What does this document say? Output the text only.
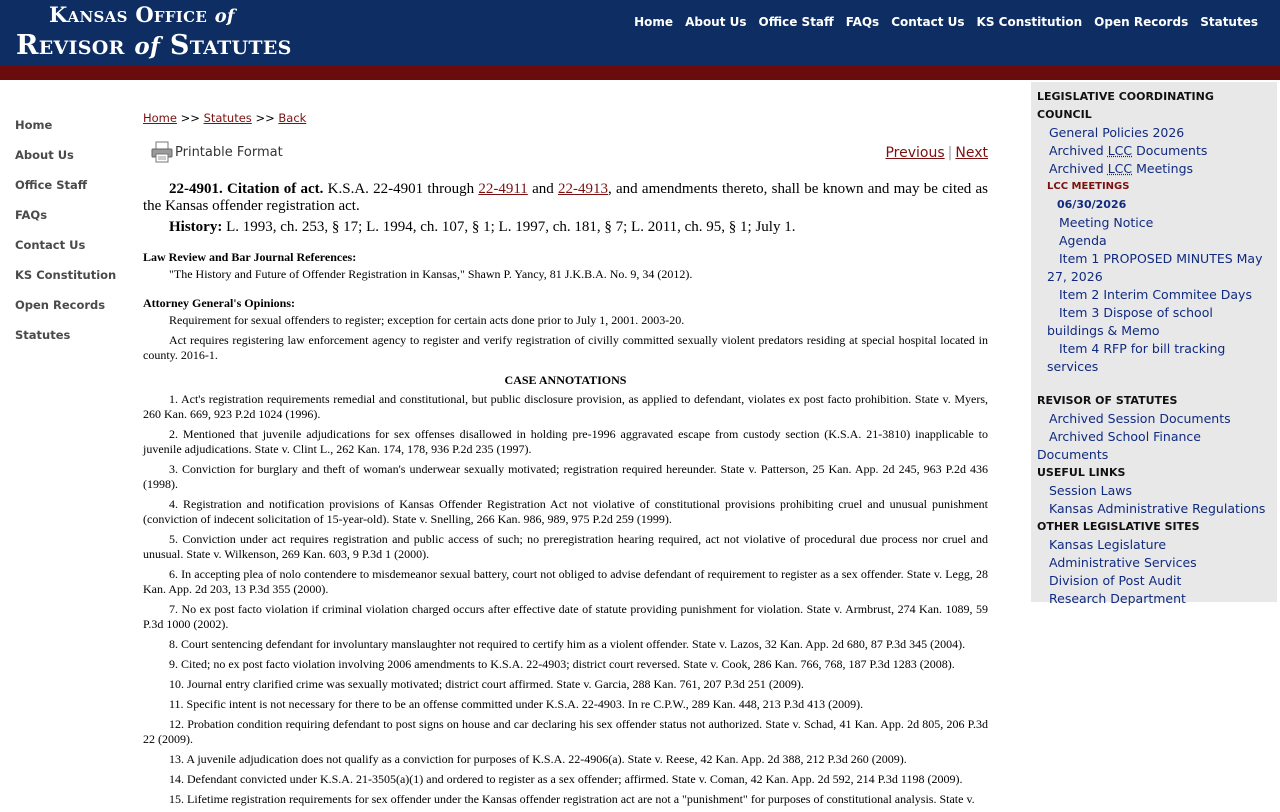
Kansas Office of
Revisor of Statutes
Home About Us Office Staff FAQs Contact Us KS Constitution Open Records Statutes
Home
About Us
Office Staff
FAQs
Contact Us
KS Constitution
Open Records
Statutes
Home >> Statutes >> Back
Printable Format	Previous | Next

22-4901. Citation of act. K.S.A. 22-4901 through 22-4911 and 22-4913, and amendments thereto, shall be known and may be cited as the Kansas offender registration act.

History: L. 1993, ch. 253, § 17; L. 1994, ch. 107, § 1; L. 1997, ch. 181, § 7; L. 2011, ch. 95, § 1; July 1.

Law Review and Bar Journal References:

"The History and Future of Offender Registration in Kansas," Shawn P. Yancy, 81 J.K.B.A. No. 9, 34 (2012).

Attorney General's Opinions:

Requirement for sexual offenders to register; exception for certain acts done prior to July 1, 2001. 2003-20.

Act requires registering law enforcement agency to register and verify registration of civilly committed sexually violent predators residing at special hospital located in county. 2016-1.

CASE ANNOTATIONS

1. Act's registration requirements remedial and constitutional, but public disclosure provision, as applied to defendant, violates ex post facto prohibition. State v. Myers, 260 Kan. 669, 923 P.2d 1024 (1996).

2. Mentioned that juvenile adjudications for sex offenses disallowed in holding pre-1996 aggravated escape from custody section (K.S.A. 21-3810) inapplicable to juvenile adjudications. State v. Clint L., 262 Kan. 174, 178, 936 P.2d 235 (1997).

3. Conviction for burglary and theft of woman's underwear sexually motivated; registration required hereunder. State v. Patterson, 25 Kan. App. 2d 245, 963 P.2d 436 (1998).

4. Registration and notification provisions of Kansas Offender Registration Act not violative of constitutional provisions prohibiting cruel and unusual punishment (conviction of indecent solicitation of 15-year-old). State v. Snelling, 266 Kan. 986, 989, 975 P.2d 259 (1999).

5. Conviction under act requires registration and public access of such; no preregistration hearing required, act not violative of procedural due process nor cruel and unusual. State v. Wilkenson, 269 Kan. 603, 9 P.3d 1 (2000).

6. In accepting plea of nolo contendere to misdemeanor sexual battery, court not obliged to advise defendant of requirement to register as a sex offender. State v. Legg, 28 Kan. App. 2d 203, 13 P.3d 355 (2000).

7. No ex post facto violation if criminal violation charged occurs after effective date of statute providing punishment for violation. State v. Armbrust, 274 Kan. 1089, 59 P.3d 1000 (2002).

8. Court sentencing defendant for involuntary manslaughter not required to certify him as a violent offender. State v. Lazos, 32 Kan. App. 2d 680, 87 P.3d 345 (2004).

9. Cited; no ex post facto violation involving 2006 amendments to K.S.A. 22-4903; district court reversed. State v. Cook, 286 Kan. 766, 768, 187 P.3d 1283 (2008).

10. Journal entry clarified crime was sexually motivated; district court affirmed. State v. Garcia, 288 Kan. 761, 207 P.3d 251 (2009).

11. Specific intent is not necessary for there to be an offense committed under K.S.A. 22-4903. In re C.P.W., 289 Kan. 448, 213 P.3d 413 (2009).

12. Probation condition requiring defendant to post signs on house and car declaring his sex offender status not authorized. State v. Schad, 41 Kan. App. 2d 805, 206 P.3d 22 (2009).

13. A juvenile adjudication does not qualify as a conviction for purposes of K.S.A. 22-4906(a). State v. Reese, 42 Kan. App. 2d 388, 212 P.3d 260 (2009).

14. Defendant convicted under K.S.A. 21-3505(a)(1) and ordered to register as a sex offender; affirmed. State v. Coman, 42 Kan. App. 2d 592, 214 P.3d 1198 (2009).

15. Lifetime registration requirements for sex offender under the Kansas offender registration act are not a "punishment" for purposes of constitutional analysis. State v.

LEGISLATIVE COORDINATING COUNCIL
General Policies 2026
Archived LCC Documents
Archived LCC Meetings
LCC MEETINGS
06/30/2026
Meeting Notice
Agenda
Item 1 PROPOSED MINUTES May 27, 2026
Item 2 Interim Commitee Days
Item 3 Dispose of school buildings & Memo
Item 4 RFP for bill tracking services
REVISOR OF STATUTES
Archived Session Documents
Archived School Finance Documents
USEFUL LINKS
Session Laws
Kansas Administrative Regulations
OTHER LEGISLATIVE SITES
Kansas Legislature
Administrative Services
Division of Post Audit
Research Department
